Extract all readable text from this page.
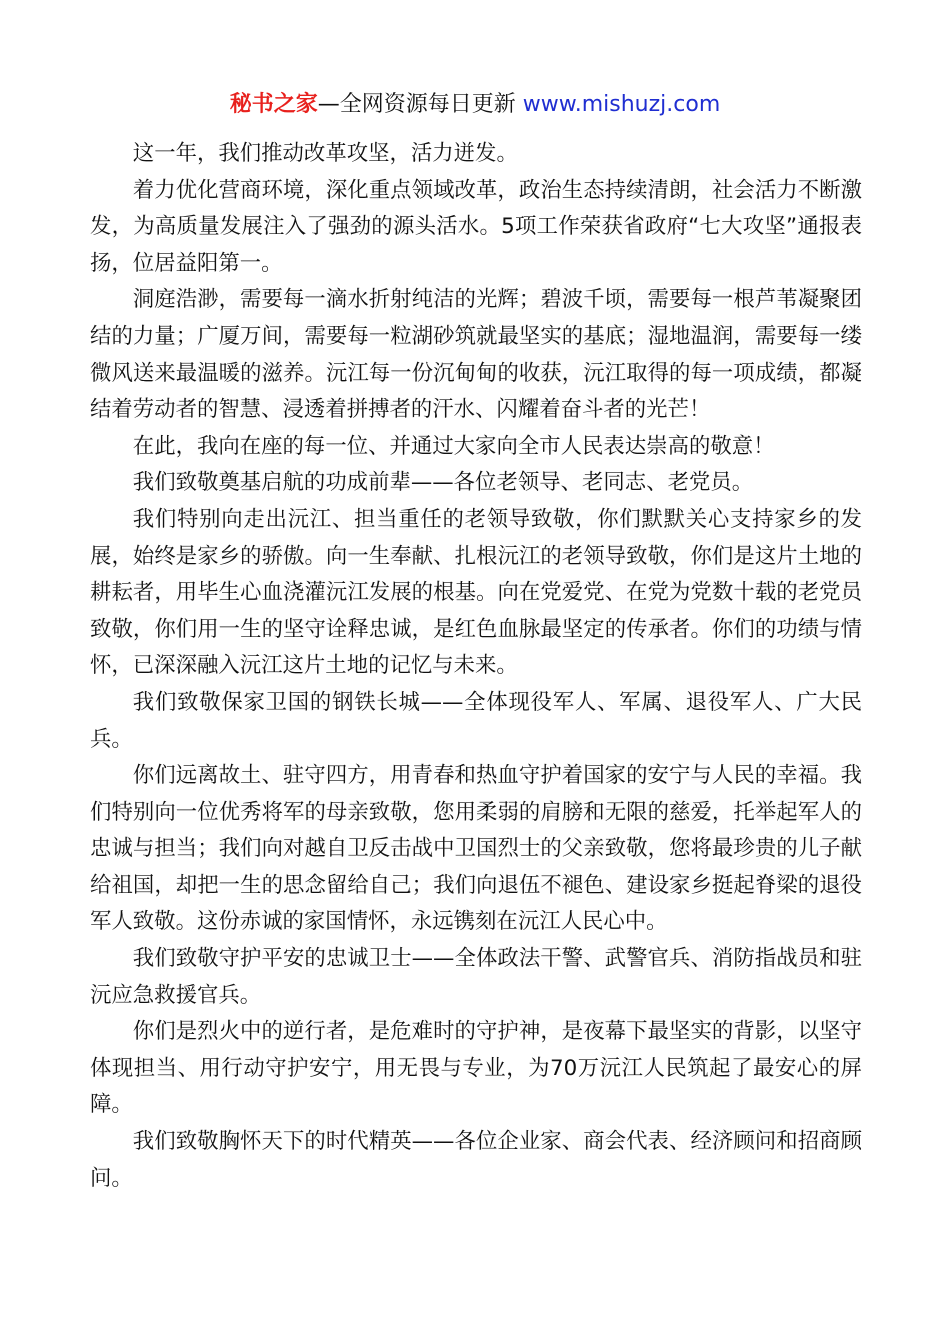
秘书之家—全网资源每日更新 www.mishuzj.com

这一年，我们推动改革攻坚，活力迸发。

着力优化营商环境，深化重点领域改革，政治生态持续清朗，社会活力不断激发，为高质量发展注入了强劲的源头活水。5项工作荣获省政府“七大攻坚”通报表扬，位居益阳第一。

洞庭浩渺，需要每一滴水折射纯洁的光辉；碧波千顷，需要每一根芦苇凝聚团结的力量；广厦万间，需要每一粒湖砂筑就最坚实的基底；湿地温润，需要每一缕微风送来最温暖的滋养。沅江每一份沉甸甸的收获，沅江取得的每一项成绩，都凝结着劳动者的智慧、浸透着拼搏者的汗水、闪耀着奋斗者的光芒！

在此，我向在座的每一位、并通过大家向全市人民表达崇高的敬意！

我们致敬奠基启航的功成前辈——各位老领导、老同志、老党员。

我们特别向走出沅江、担当重任的老领导致敬，你们默默关心支持家乡的发展，始终是家乡的骄傲。向一生奉献、扎根沅江的老领导致敬，你们是这片土地的耕耘者，用毕生心血浇灌沅江发展的根基。向在党爱党、在党为党数十载的老党员致敬，你们用一生的坚守诠释忠诚，是红色血脉最坚定的传承者。你们的功绩与情怀，已深深融入沅江这片土地的记忆与未来。

我们致敬保家卫国的钢铁长城——全体现役军人、军属、退役军人、广大民兵。

你们远离故土、驻守四方，用青春和热血守护着国家的安宁与人民的幸福。我们特别向一位优秀将军的母亲致敬，您用柔弱的肩膀和无限的慈爱，托举起军人的忠诚与担当；我们向对越自卫反击战中卫国烈士的父亲致敬，您将最珍贵的儿子献给祖国，却把一生的思念留给自己；我们向退伍不褪色、建设家乡挺起脊梁的退役军人致敬。这份赤诚的家国情怀，永远镌刻在沅江人民心中。

我们致敬守护平安的忠诚卫士——全体政法干警、武警官兵、消防指战员和驻沅应急救援官兵。

你们是烈火中的逆行者，是危难时的守护神，是夜幕下最坚实的背影，以坚守体现担当、用行动守护安宁，用无畏与专业，为70万沅江人民筑起了最安心的屏障。

我们致敬胸怀天下的时代精英——各位企业家、商会代表、经济顾问和招商顾问。
